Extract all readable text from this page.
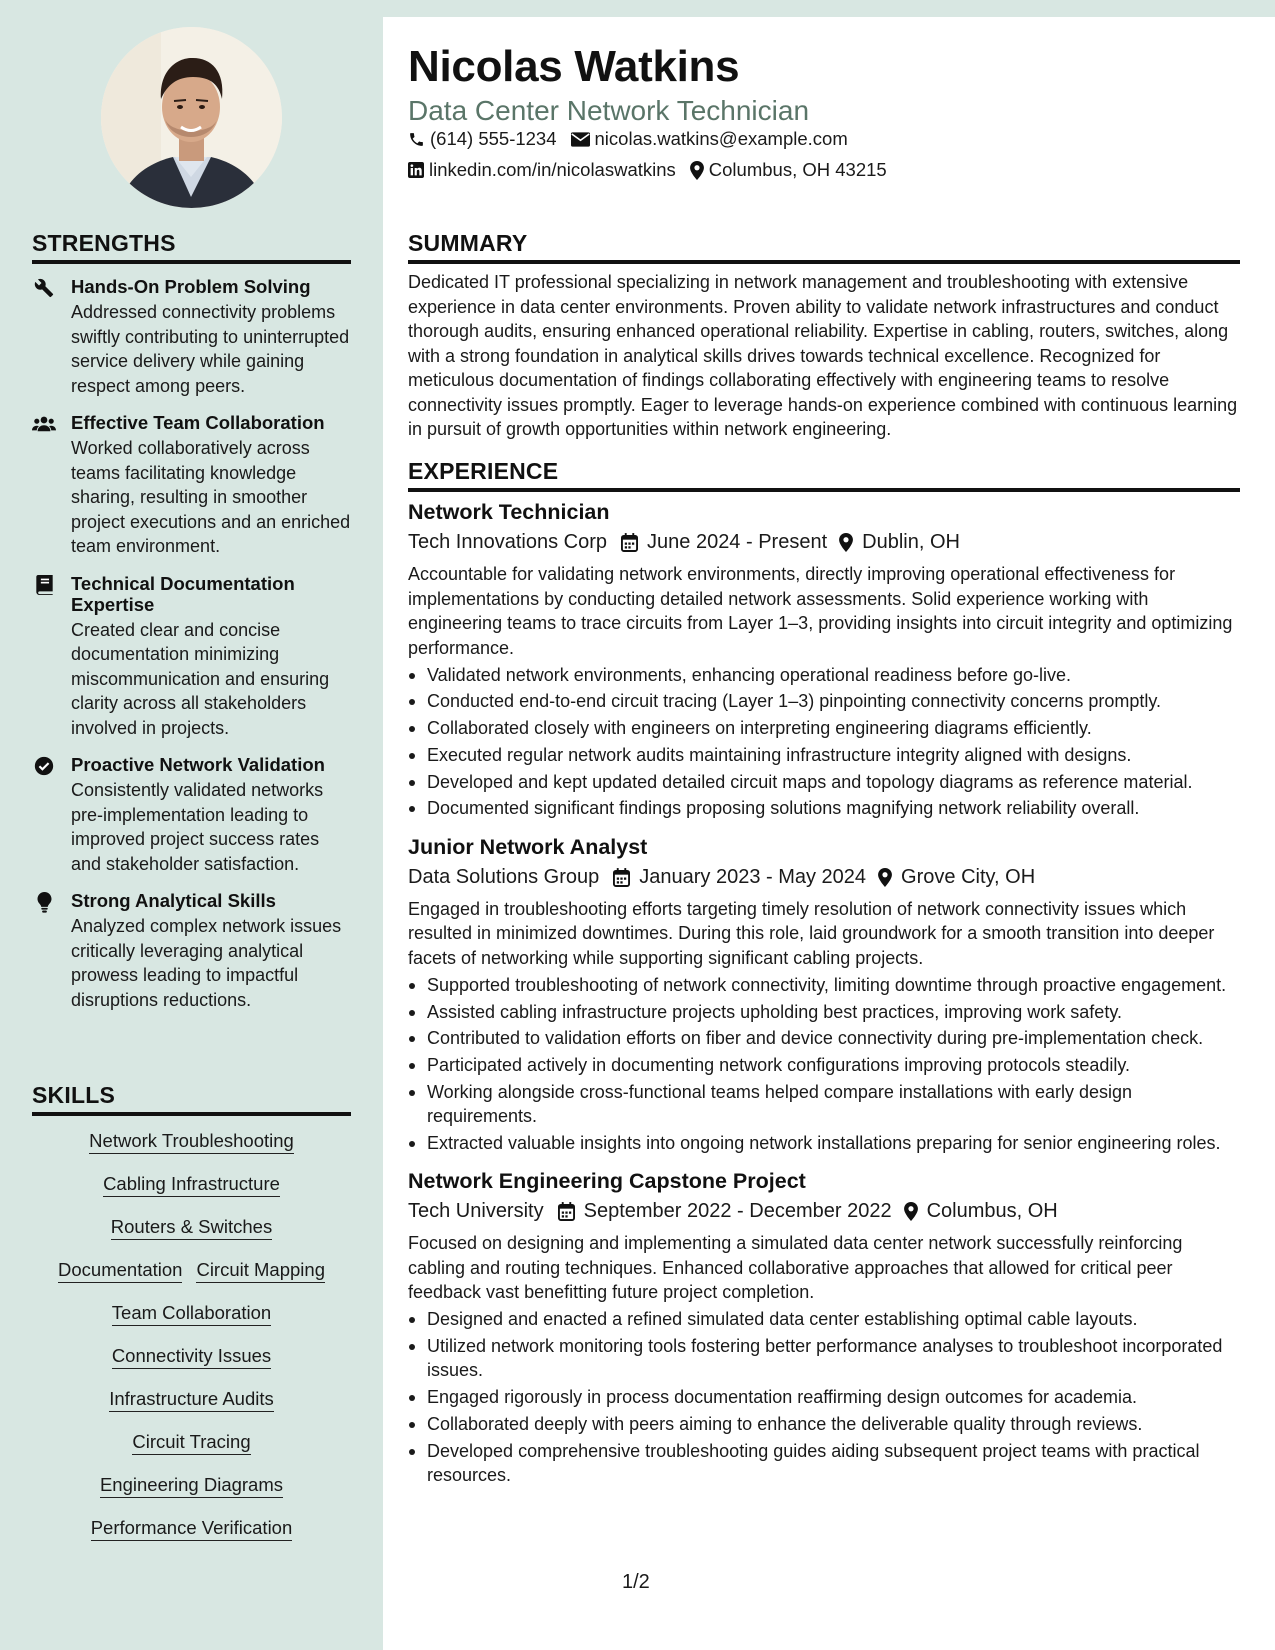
Nicolas Watkins
Data Center Network Technician
(614) 555-1234 nicolas.watkins@example.com
linkedin.com/in/nicolaswatkins Columbus, OH 43215
STRENGTHS
Hands-On Problem Solving
Addressed connectivity problems swiftly contributing to uninterrupted service delivery while gaining respect among peers.
Effective Team Collaboration
Worked collaboratively across teams facilitating knowledge sharing, resulting in smoother project executions and an enriched team environment.
Technical Documentation Expertise
Created clear and concise documentation minimizing miscommunication and ensuring clarity across all stakeholders involved in projects.
Proactive Network Validation
Consistently validated networks pre-implementation leading to improved project success rates and stakeholder satisfaction.
Strong Analytical Skills
Analyzed complex network issues critically leveraging analytical prowess leading to impactful disruptions reductions.
SKILLS
Network Troubleshooting
Cabling Infrastructure
Routers & Switches
Documentation Circuit Mapping
Team Collaboration
Connectivity Issues
Infrastructure Audits
Circuit Tracing
Engineering Diagrams
Performance Verification
SUMMARY
Dedicated IT professional specializing in network management and troubleshooting with extensive experience in data center environments. Proven ability to validate network infrastructures and conduct thorough audits, ensuring enhanced operational reliability. Expertise in cabling, routers, switches, along with a strong foundation in analytical skills drives towards technical excellence. Recognized for meticulous documentation of findings collaborating effectively with engineering teams to resolve connectivity issues promptly. Eager to leverage hands-on experience combined with continuous learning in pursuit of growth opportunities within network engineering.
EXPERIENCE
Network Technician
Tech Innovations Corp June 2024 - Present Dublin, OH
Accountable for validating network environments, directly improving operational effectiveness for implementations by conducting detailed network assessments. Solid experience working with engineering teams to trace circuits from Layer 1–3, providing insights into circuit integrity and optimizing performance.
Validated network environments, enhancing operational readiness before go-live.
Conducted end-to-end circuit tracing (Layer 1–3) pinpointing connectivity concerns promptly.
Collaborated closely with engineers on interpreting engineering diagrams efficiently.
Executed regular network audits maintaining infrastructure integrity aligned with designs.
Developed and kept updated detailed circuit maps and topology diagrams as reference material.
Documented significant findings proposing solutions magnifying network reliability overall.
Junior Network Analyst
Data Solutions Group January 2023 - May 2024 Grove City, OH
Engaged in troubleshooting efforts targeting timely resolution of network connectivity issues which resulted in minimized downtimes. During this role, laid groundwork for a smooth transition into deeper facets of networking while supporting significant cabling projects.
Supported troubleshooting of network connectivity, limiting downtime through proactive engagement.
Assisted cabling infrastructure projects upholding best practices, improving work safety.
Contributed to validation efforts on fiber and device connectivity during pre-implementation check.
Participated actively in documenting network configurations improving protocols steadily.
Working alongside cross-functional teams helped compare installations with early design requirements.
Extracted valuable insights into ongoing network installations preparing for senior engineering roles.
Network Engineering Capstone Project
Tech University September 2022 - December 2022 Columbus, OH
Focused on designing and implementing a simulated data center network successfully reinforcing cabling and routing techniques. Enhanced collaborative approaches that allowed for critical peer feedback vast benefitting future project completion.
Designed and enacted a refined simulated data center establishing optimal cable layouts.
Utilized network monitoring tools fostering better performance analyses to troubleshoot incorporated issues.
Engaged rigorously in process documentation reaffirming design outcomes for academia.
Collaborated deeply with peers aiming to enhance the deliverable quality through reviews.
Developed comprehensive troubleshooting guides aiding subsequent project teams with practical resources.
1/2
